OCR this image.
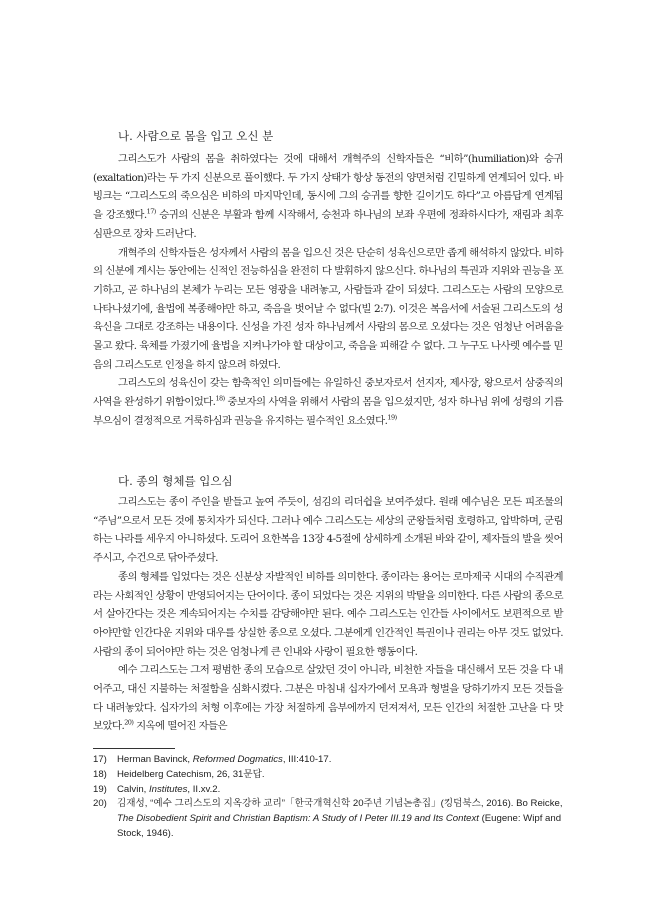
나. 사람으로 몸을 입고 오신 분

그리스도가 사람의 몸을 취하였다는 것에 대해서 개혁주의 신학자들은 “비하”(humiliation)와 승귀 (exaltation)라는 두 가지 신분으로 풀이했다. 두 가지 상태가 항상 동전의 양면처럼 긴밀하게 연계되어 있다. 바빙크는 “그리스도의 죽으심은 비하의 마지막인데, 동시에 그의 승귀를 향한 길이기도 하다”고 아름답게 연계됨을 강조했다.$^{17)}$ 승귀의 신분은 부활과 함께 시작해서, 승천과 하나님의 보좌 우편에 정좌하시다가, 재림과 최후 심판으로 장차 드러난다.

개혁주의 신학자들은 성자께서 사람의 몸을 입으신 것은 단순히 성육신으로만 좁게 해석하지 않았다. 비하의 신분에 계시는 동안에는 신적인 전능하심을 완전히 다 발휘하지 않으신다. 하나님의 특권과 지위와 권능을 포기하고, 곧 하나님의 본체가 누리는 모든 영광을 내려놓고, 사람들과 같이 되셨다. 그리스도는 사람의 모양으로 나타나셨기에, 율법에 복종해야만 하고, 죽음을 벗어날 수 없다(빌 2:7). 이것은 복음서에 서술된 그리스도의 성육신을 그대로 강조하는 내용이다. 신성을 가진 성자 하나님께서 사람의 몸으로 오셨다는 것은 엄청난 어려움을 몰고 왔다. 육체를 가졌기에 율법을 지켜나가야 할 대상이고, 죽음을 피해갈 수 없다. 그 누구도 나사렛 예수를 믿음의 그리스도로 인정을 하지 않으려 하였다.

그리스도의 성육신이 갖는 함축적인 의미들에는 유일하신 중보자로서 선지자, 제사장, 왕으로서 삼중직의 사역을 완성하기 위함이었다.$^{18)}$ 중보자의 사역을 위해서 사람의 몸을 입으셨지만, 성자 하나님 위에 성령의 기름 부으심이 결정적으로 거룩하심과 권능을 유지하는 필수적인 요소였다.$^{19)}$

다. 종의 형체를 입으심

그리스도는 종이 주인을 받들고 높여 주듯이, 섬김의 리더쉽을 보여주셨다. 원래 예수님은 모든 피조물의 “주님”으로서 모든 것에 통치자가 되신다. 그러나 예수 그리스도는 세상의 군왕들처럼 호령하고, 압박하며, 군림하는 나라를 세우지 아니하셨다. 도리어 요한복음 13장 4-5절에 상세하게 소개된 바와 같이, 제자들의 발을 씻어주시고, 수건으로 닦아주셨다.

종의 형체를 입었다는 것은 신분상 자발적인 비하를 의미한다. 종이라는 용어는 로마제국 시대의 수직관계라는 사회적인 상황이 반영되어지는 단어이다. 종이 되었다는 것은 지위의 박탈을 의미한다. 다른 사람의 종으로서 살아간다는 것은 계속되어지는 수치를 감당해야만 된다. 예수 그리스도는 인간들 사이에서도 보편적으로 받아야만할 인간다운 지위와 대우를 상실한 종으로 오셨다. 그분에게 인간적인 특권이나 권리는 아무 것도 없었다. 사람의 종이 되어야만 하는 것은 엄청나게 큰 인내와 사랑이 필요한 행동이다.

예수 그리스도는 그저 평범한 종의 모습으로 살았던 것이 아니라, 비천한 자들을 대신해서 모든 것을 다 내어주고, 대신 지불하는 처절함을 심화시켰다. 그분은 마침내 십자가에서 모욕과 형벌을 당하기까지 모든 것들을 다 내려놓았다. 십자가의 처형 이후에는 가장 처절하게 음부에까지 던져져서, 모든 인간의 처절한 고난을 다 맛보았다.$^{20)}$ 지옥에 떨어진 자들은

17) Herman Bavinck, Reformed Dogmatics, III:410-17.
18) Heidelberg Catechism, 26, 31문답.
19) Calvin, Institutes, II.xv.2.
20) 김재성, “예수 그리스도의 지옥강하 교리”「한국개혁신학 20주년 기념논총집」(킹덤북스, 2016). Bo Reicke, The Disobedient Spirit and Christian Baptism: A Study of I Peter III.19 and Its Context (Eugene: Wipf and Stock, 1946).
